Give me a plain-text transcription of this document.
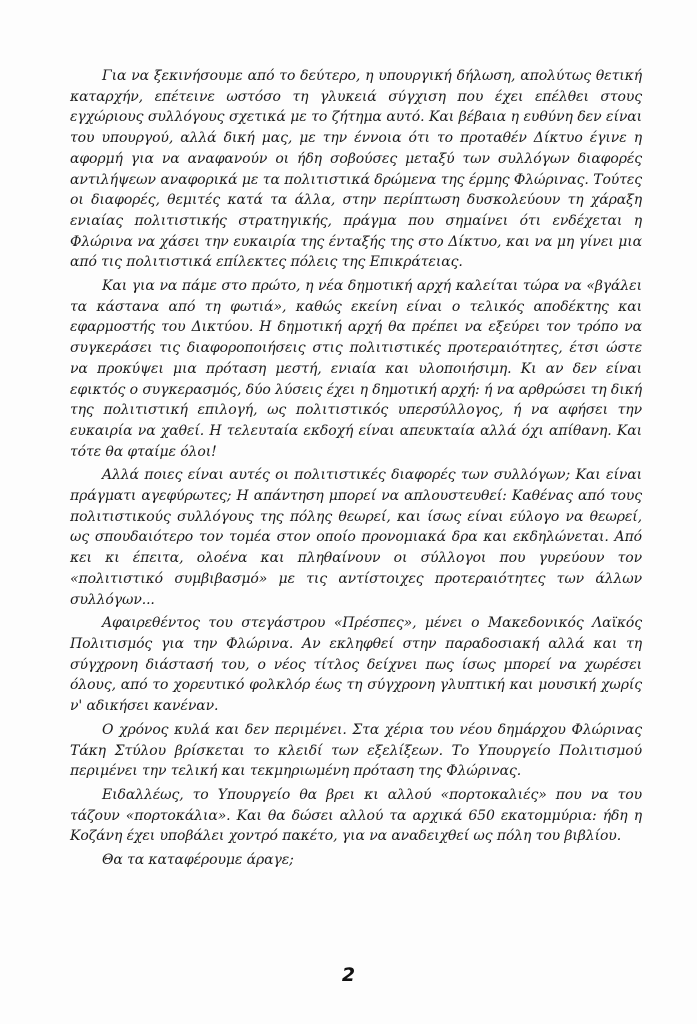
Για να ξεκινήσουμε από το δεύτερο, η υπουργική δήλωση, απολύτως θετική καταρχήν, επέτεινε ωστόσο τη γλυκειά σύγχιση που έχει επέλθει στους εγχώριους συλλόγους σχετικά με το ζήτημα αυτό. Και βέβαια η ευθύνη δεν είναι του υπουργού, αλλά δική μας, με την έννοια ότι το προταθέν Δίκτυο έγινε η αφορμή για να αναφανούν οι ήδη σοβούσες μεταξύ των συλλόγων διαφορές αντιλήψεων αναφορικά με τα πολιτιστικά δρώμενα της έρμης Φλώρινας. Τούτες οι διαφορές, θεμιτές κατά τα άλλα, στην περίπτωση δυσκολεύουν τη χάραξη ενιαίας πολιτιστικής στρατηγικής, πράγμα που σημαίνει ότι ενδέχεται η Φλώρινα να χάσει την ευκαιρία της ένταξής της στο Δίκτυο, και να μη γίνει μια από τις πολιτιστικά επίλεκτες πόλεις της Επικράτειας.

Και για να πάμε στο πρώτο, η νέα δημοτική αρχή καλείται τώρα να «βγάλει τα κάστανα από τη φωτιά», καθώς εκείνη είναι ο τελικός αποδέκτης και εφαρμοστής του Δικτύου. Η δημοτική αρχή θα πρέπει να εξεύρει τον τρόπο να συγκεράσει τις διαφοροποιήσεις στις πολιτιστικές προτεραιότητες, έτσι ώστε να προκύψει μια πρόταση μεστή, ενιαία και υλοποιήσιμη. Κι αν δεν είναι εφικτός ο συγκερασμός, δύο λύσεις έχει η δημοτική αρχή: ή να αρθρώσει τη δική της πολιτιστική επιλογή, ως πολιτιστικός υπερσύλλογος, ή να αφήσει την ευκαιρία να χαθεί. Η τελευταία εκδοχή είναι απευκταία αλλά όχι απίθανη. Και τότε θα φταίμε όλοι!

Αλλά ποιες είναι αυτές οι πολιτιστικές διαφορές των συλλόγων; Και είναι πράγματι αγεφύρωτες; Η απάντηση μπορεί να απλουστευθεί: Καθένας από τους πολιτιστικούς συλλόγους της πόλης θεωρεί, και ίσως είναι εύλογο να θεωρεί, ως σπουδαιότερο τον τομέα στον οποίο προνομιακά δρα και εκδηλώνεται. Από κει κι έπειτα, ολοένα και πληθαίνουν οι σύλλογοι που γυρεύουν τον «πολιτιστικό συμβιβασμό» με τις αντίστοιχες προτεραιότητες των άλλων συλλόγων...

Αφαιρεθέντος του στεγάστρου «Πρέσπες», μένει ο Μακεδονικός Λαϊκός Πολιτισμός για την Φλώρινα. Αν εκληφθεί στην παραδοσιακή αλλά και τη σύγχρονη διάστασή του, ο νέος τίτλος δείχνει πως ίσως μπορεί να χωρέσει όλους, από το χορευτικό φολκλόρ έως τη σύγχρονη γλυπτική και μουσική χωρίς ν' αδικήσει κανέναν.

Ο χρόνος κυλά και δεν περιμένει. Στα χέρια του νέου δημάρχου Φλώρινας Τάκη Στύλου βρίσκεται το κλειδί των εξελίξεων. Το Υπουργείο Πολιτισμού περιμένει την τελική και τεκμηριωμένη πρόταση της Φλώρινας.

Ειδαλλέως, το Υπουργείο θα βρει κι αλλού «πορτοκαλιές» που να του τάζουν «πορτοκάλια». Και θα δώσει αλλού τα αρχικά 650 εκατομμύρια: ήδη η Κοζάνη έχει υποβάλει χοντρό πακέτο, για να αναδειχθεί ως πόλη του βιβλίου.

Θα τα καταφέρουμε άραγε;

2
